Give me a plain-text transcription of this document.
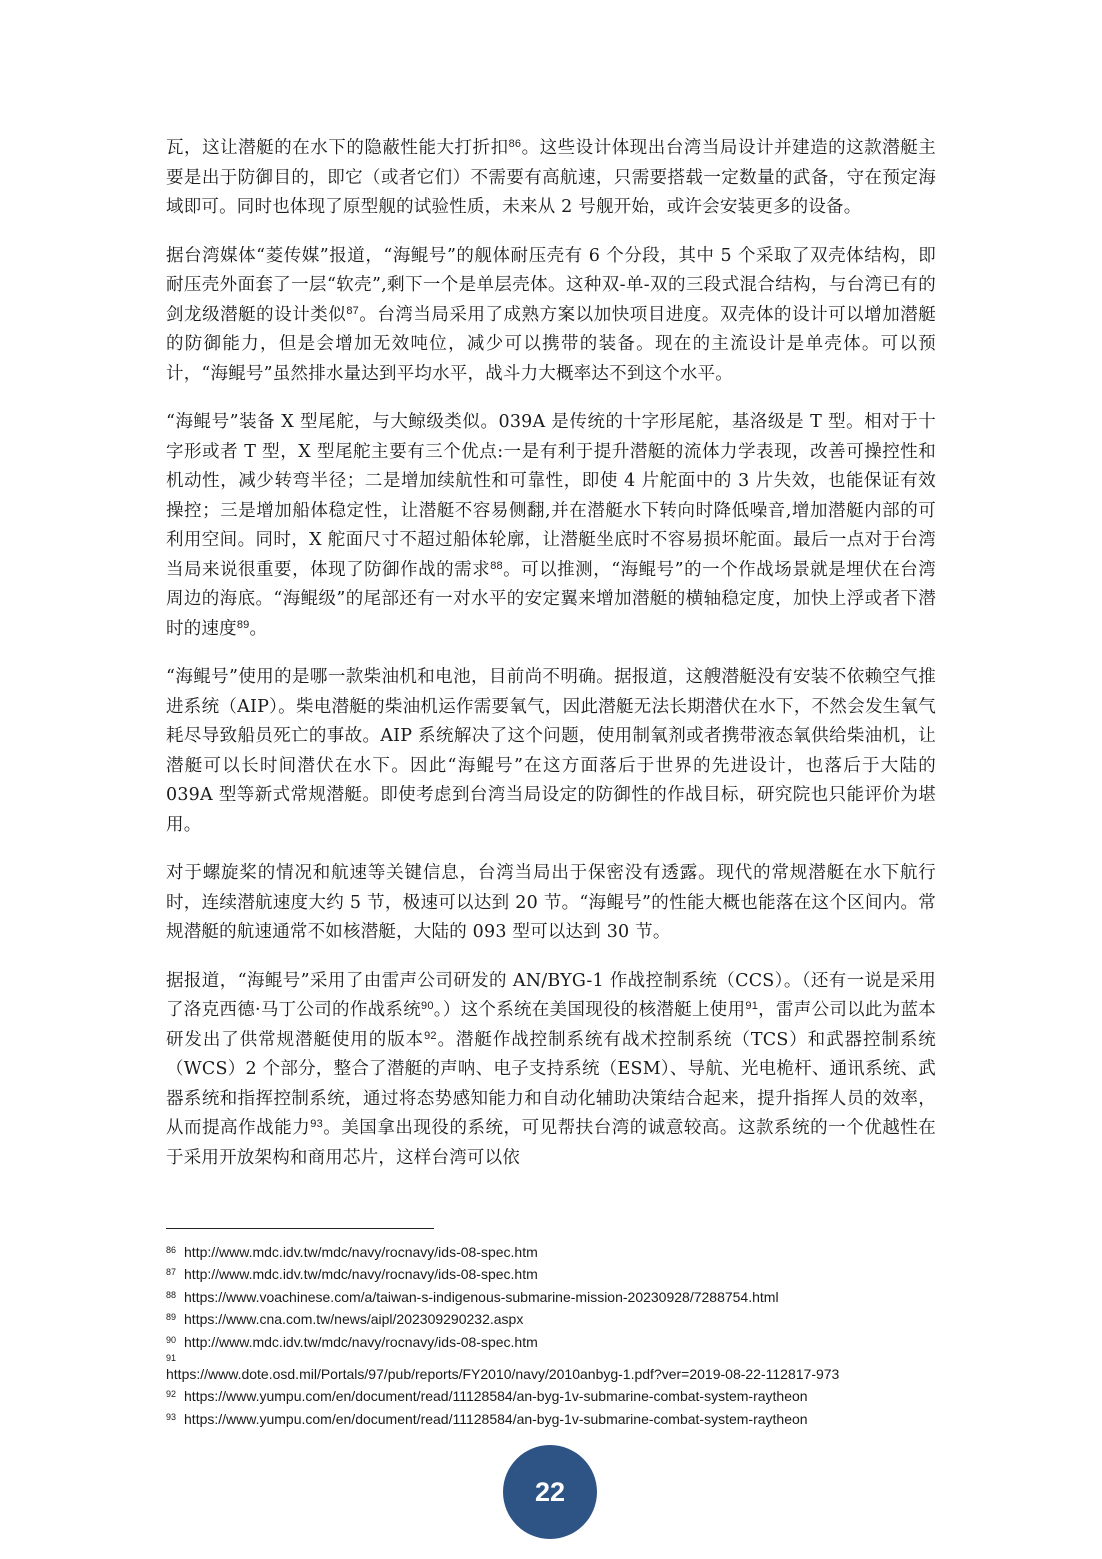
瓦，这让潜艇的在水下的隐蔽性能大打折扣$^{86}$。这些设计体现出台湾当局设计并建造的这款潜艇主要是出于防御目的，即它（或者它们）不需要有高航速，只需要搭载一定数量的武备，守在预定海域即可。同时也体现了原型舰的试验性质，未来从 2 号舰开始，或许会安装更多的设备。

据台湾媒体“菱传媒”报道，“海鲲号”的舰体耐压壳有 6 个分段，其中 5 个采取了双壳体结构，即耐压壳外面套了一层“软壳”,剩下一个是单层壳体。这种双-单-双的三段式混合结构，与台湾已有的剑龙级潜艇的设计类似$^{87}$。台湾当局采用了成熟方案以加快项目进度。双壳体的设计可以增加潜艇的防御能力，但是会增加无效吨位，减少可以携带的装备。现在的主流设计是单壳体。可以预计，“海鲲号”虽然排水量达到平均水平，战斗力大概率达不到这个水平。

“海鲲号”装备 X 型尾舵，与大鲸级类似。039A 是传统的十字形尾舵，基洛级是 T 型。相对于十字形或者 T 型，X 型尾舵主要有三个优点:一是有利于提升潜艇的流体力学表现，改善可操控性和机动性，减少转弯半径；二是增加续航性和可靠性，即使 4 片舵面中的 3 片失效，也能保证有效操控；三是增加船体稳定性，让潜艇不容易侧翻,并在潜艇水下转向时降低噪音,增加潜艇内部的可利用空间。同时，X 舵面尺寸不超过船体轮廓，让潜艇坐底时不容易损坏舵面。最后一点对于台湾当局来说很重要，体现了防御作战的需求$^{88}$。可以推测，“海鲲号”的一个作战场景就是埋伏在台湾周边的海底。“海鲲级”的尾部还有一对水平的安定翼来增加潜艇的横轴稳定度，加快上浮或者下潜时的速度$^{89}$。

“海鲲号”使用的是哪一款柴油机和电池，目前尚不明确。据报道，这艘潜艇没有安装不依赖空气推进系统（AIP）。柴电潜艇的柴油机运作需要氧气，因此潜艇无法长期潜伏在水下，不然会发生氧气耗尽导致船员死亡的事故。AIP 系统解决了这个问题，使用制氧剂或者携带液态氧供给柴油机，让潜艇可以长时间潜伏在水下。因此“海鲲号”在这方面落后于世界的先进设计，也落后于大陆的 039A 型等新式常规潜艇。即使考虑到台湾当局设定的防御性的作战目标，研究院也只能评价为堪用。

对于螺旋桨的情况和航速等关键信息，台湾当局出于保密没有透露。现代的常规潜艇在水下航行时，连续潜航速度大约 5 节，极速可以达到 20 节。“海鲲号”的性能大概也能落在这个区间内。常规潜艇的航速通常不如核潜艇，大陆的 093 型可以达到 30 节。

据报道，“海鲲号”采用了由雷声公司研发的 AN/BYG-1 作战控制系统（CCS）。（还有一说是采用了洛克西德·马丁公司的作战系统$^{90}$。）这个系统在美国现役的核潜艇上使用$^{91}$，雷声公司以此为蓝本研发出了供常规潜艇使用的版本$^{92}$。潜艇作战控制系统有战术控制系统（TCS）和武器控制系统（WCS）2 个部分，整合了潜艇的声呐、电子支持系统（ESM）、导航、光电桅杆、通讯系统、武器系统和指挥控制系统，通过将态势感知能力和自动化辅助决策结合起来，提升指挥人员的效率，从而提高作战能力$^{93}$。美国拿出现役的系统，可见帮扶台湾的诚意较高。这款系统的一个优越性在于采用开放架构和商用芯片，这样台湾可以依

86 http://www.mdc.idv.tw/mdc/navy/rocnavy/ids-08-spec.htm
87 http://www.mdc.idv.tw/mdc/navy/rocnavy/ids-08-spec.htm
88 https://www.voachinese.com/a/taiwan-s-indigenous-submarine-mission-20230928/7288754.html
89 https://www.cna.com.tw/news/aipl/202309290232.aspx
90 http://www.mdc.idv.tw/mdc/navy/rocnavy/ids-08-spec.htm
91
https://www.dote.osd.mil/Portals/97/pub/reports/FY2010/navy/2010anbyg-1.pdf?ver=2019-08-22-112817-973
92 https://www.yumpu.com/en/document/read/11128584/an-byg-1v-submarine-combat-system-raytheon
93 https://www.yumpu.com/en/document/read/11128584/an-byg-1v-submarine-combat-system-raytheon
22
